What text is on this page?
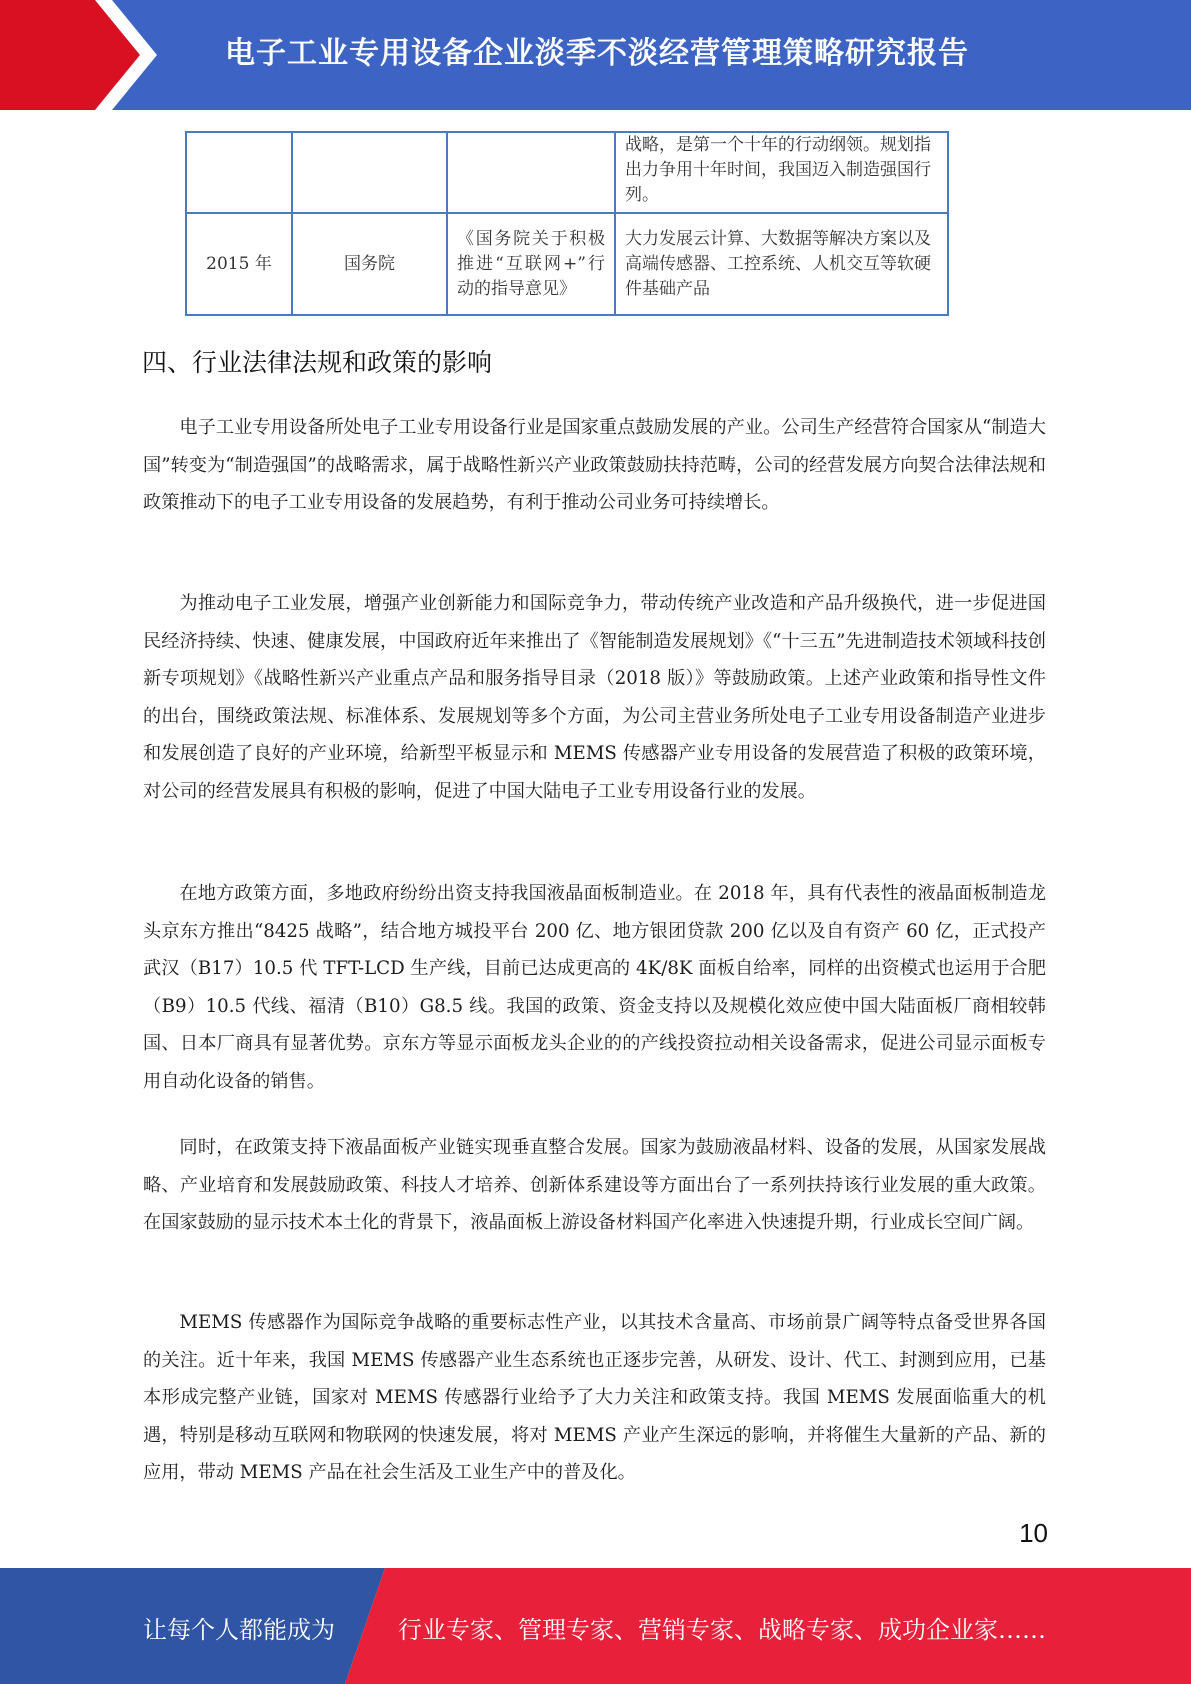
电子工业专用设备企业淡季不淡经营管理策略研究报告
			战略，是第一个十年的行动纲领。规划指出力争用十年时间，我国迈入制造强国行列。
2015 年	国务院	《国务院关于积极推进“互联网+”行动的指导意见》	大力发展云计算、大数据等解决方案以及高端传感器、工控系统、人机交互等软硬件基础产品
四、行业法律法规和政策的影响

电子工业专用设备所处电子工业专用设备行业是国家重点鼓励发展的产业。公司生产经营符合国家从“制造大国”转变为“制造强国”的战略需求，属于战略性新兴产业政策鼓励扶持范畴，公司的经营发展方向契合法律法规和政策推动下的电子工业专用设备的发展趋势，有利于推动公司业务可持续增长。

为推动电子工业发展，增强产业创新能力和国际竞争力，带动传统产业改造和产品升级换代，进一步促进国民经济持续、快速、健康发展，中国政府近年来推出了《智能制造发展规划》《“十三五”先进制造技术领域科技创新专项规划》《战略性新兴产业重点产品和服务指导目录（2018 版）》等鼓励政策。上述产业政策和指导性文件的出台，围绕政策法规、标准体系、发展规划等多个方面，为公司主营业务所处电子工业专用设备制造产业进步和发展创造了良好的产业环境，给新型平板显示和 MEMS 传感器产业专用设备的发展营造了积极的政策环境，对公司的经营发展具有积极的影响，促进了中国大陆电子工业专用设备行业的发展。

在地方政策方面，多地政府纷纷出资支持我国液晶面板制造业。在 2018 年，具有代表性的液晶面板制造龙头京东方推出“8425 战略”，结合地方城投平台 200 亿、地方银团贷款 200 亿以及自有资产 60 亿，正式投产武汉（B17）10.5 代 TFT-LCD 生产线，目前已达成更高的 4K/8K 面板自给率，同样的出资模式也运用于合肥（B9）10.5 代线、福清（B10）G8.5 线。我国的政策、资金支持以及规模化效应使中国大陆面板厂商相较韩国、日本厂商具有显著优势。京东方等显示面板龙头企业的的产线投资拉动相关设备需求，促进公司显示面板专用自动化设备的销售。

同时，在政策支持下液晶面板产业链实现垂直整合发展。国家为鼓励液晶材料、设备的发展，从国家发展战略、产业培育和发展鼓励政策、科技人才培养、创新体系建设等方面出台了一系列扶持该行业发展的重大政策。在国家鼓励的显示技术本土化的背景下，液晶面板上游设备材料国产化率进入快速提升期，行业成长空间广阔。

MEMS 传感器作为国际竞争战略的重要标志性产业，以其技术含量高、市场前景广阔等特点备受世界各国的关注。近十年来，我国 MEMS 传感器产业生态系统也正逐步完善，从研发、设计、代工、封测到应用，已基本形成完整产业链，国家对 MEMS 传感器行业给予了大力关注和政策支持。我国 MEMS 发展面临重大的机遇，特别是移动互联网和物联网的快速发展，将对 MEMS 产业产生深远的影响，并将催生大量新的产品、新的应用，带动 MEMS 产品在社会生活及工业生产中的普及化。

10
让每个人都能成为	行业专家、管理专家、营销专家、战略专家、成功企业家……
